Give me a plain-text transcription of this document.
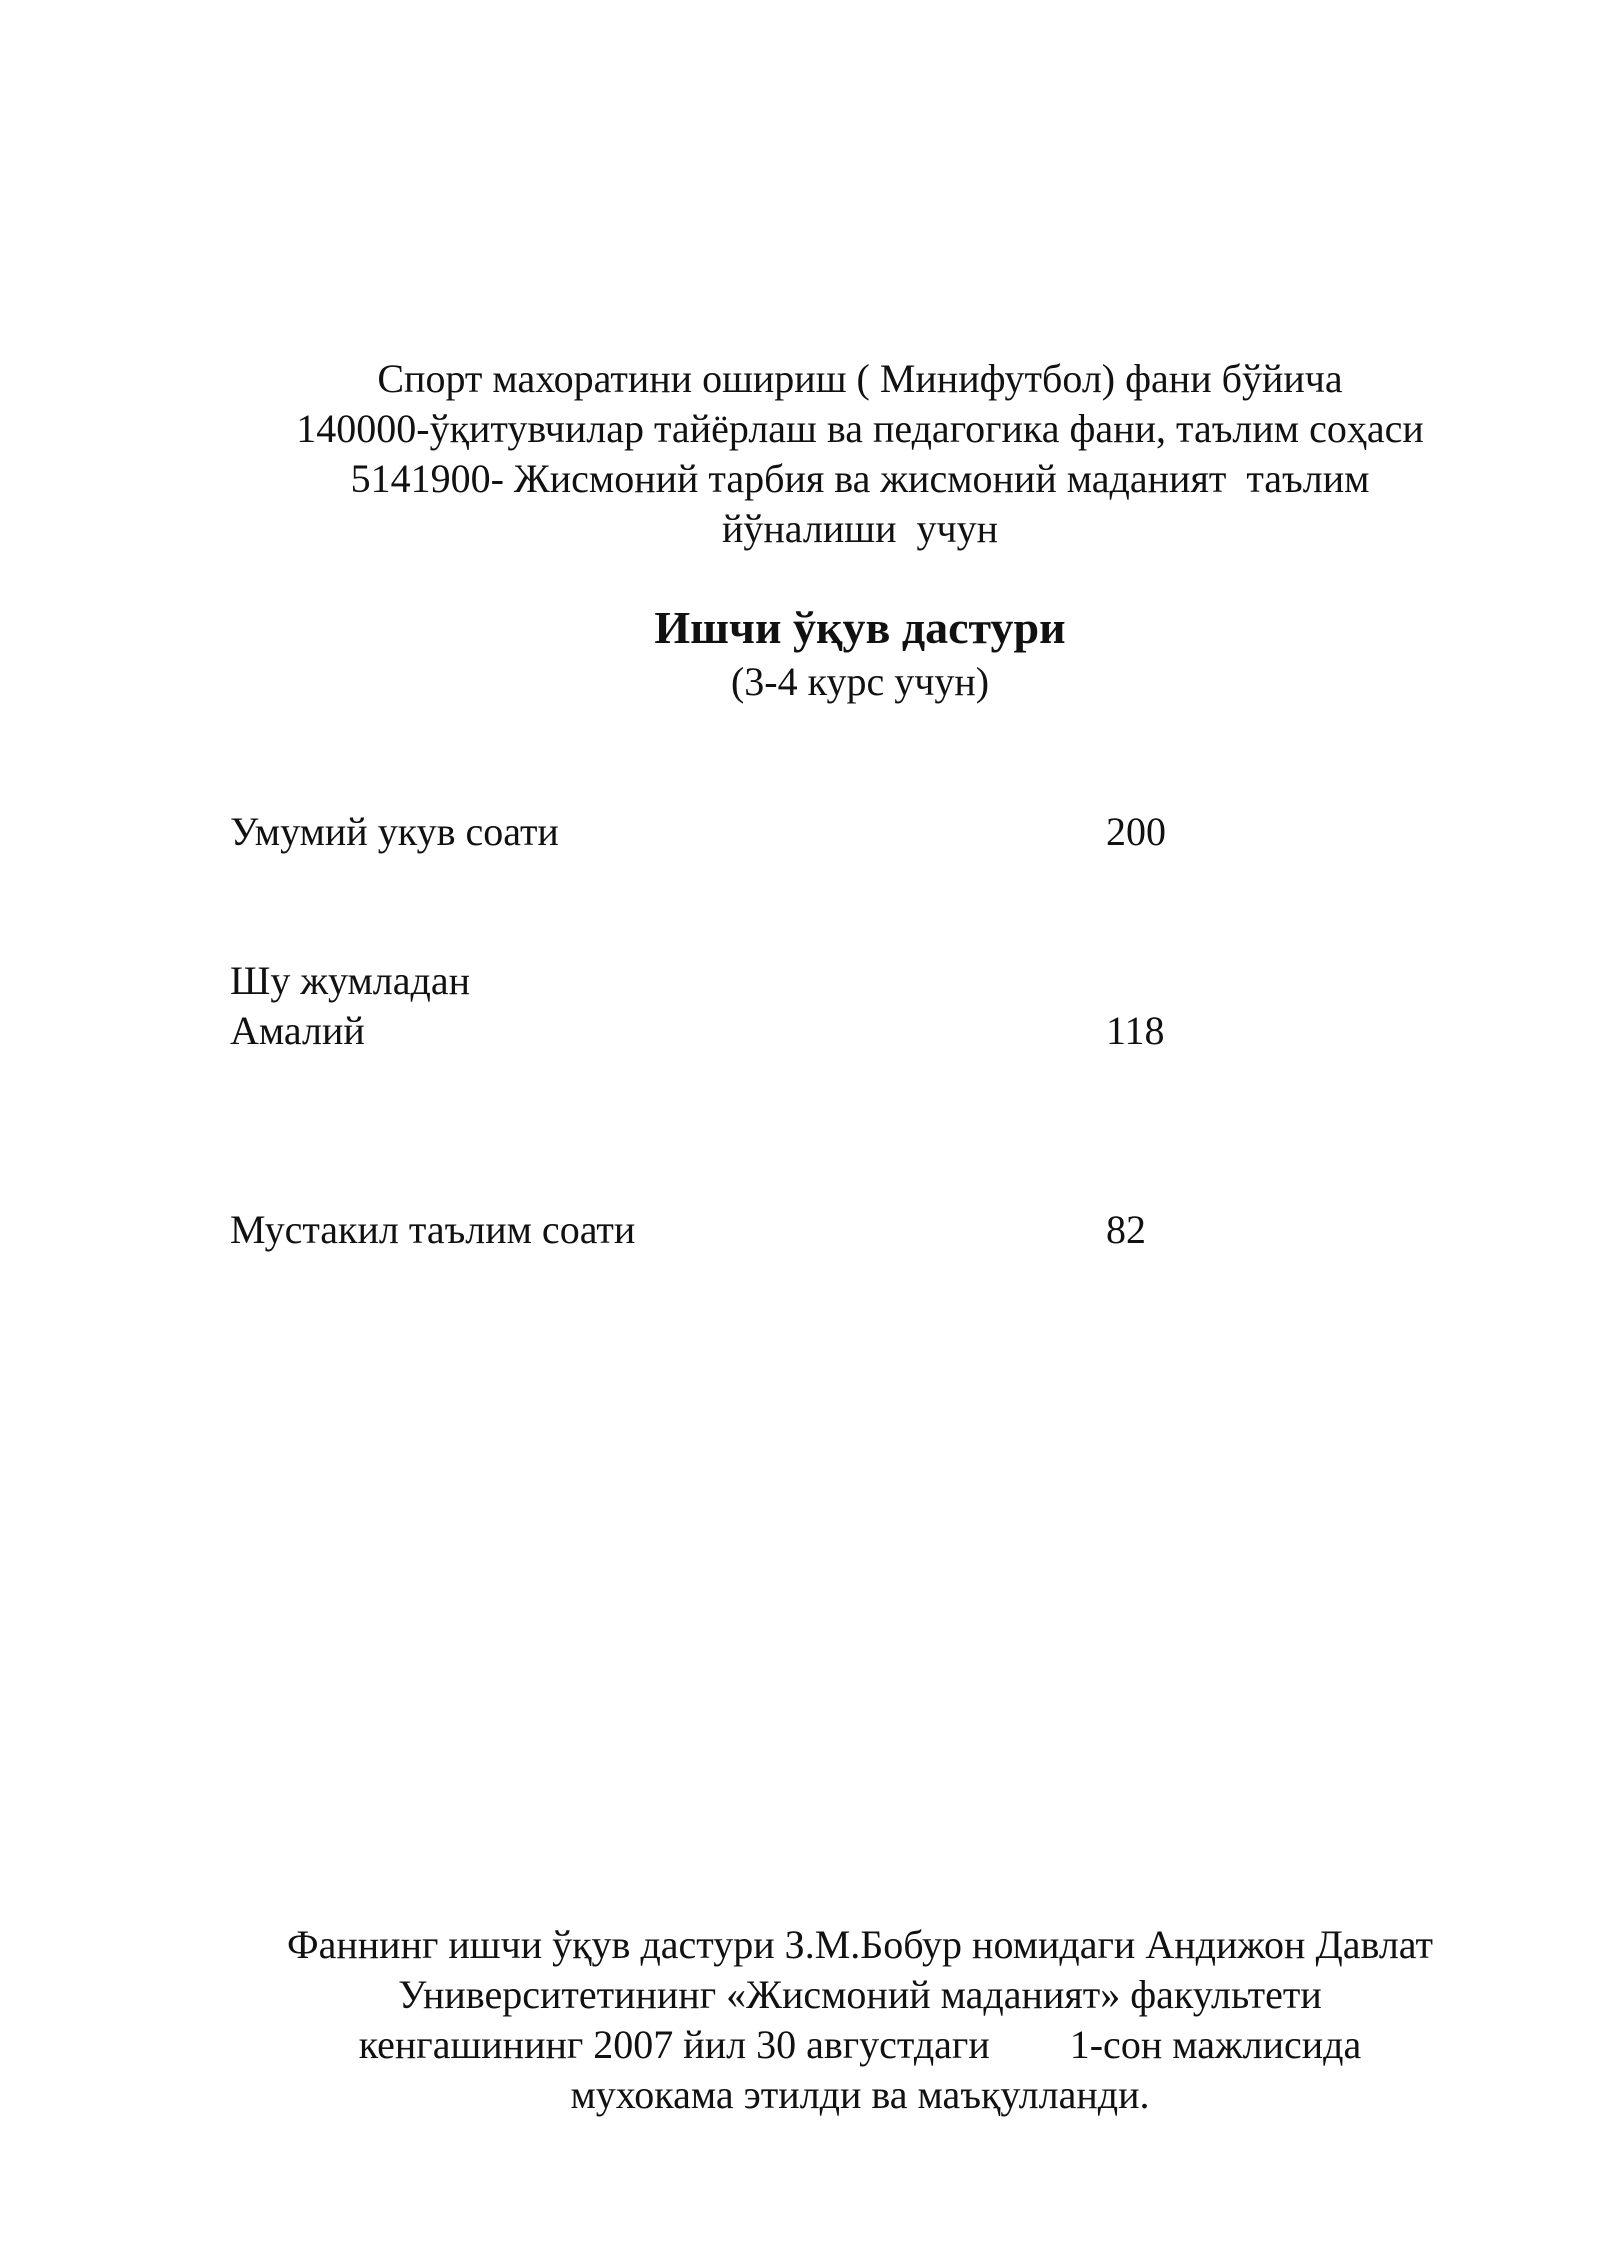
Спорт махоратини ошириш ( Минифутбол) фани бўйича
140000-ўқитувчилар тайёрлаш ва педагогика фани, таълим соҳаси
5141900- Жисмоний тарбия ва жисмоний маданият  таълим
йўналиши  учун
Ишчи ўқув дастури
(3-4 курс учун)
Умумий укув соати	200
Шу жумладан
Амалий	118
Мустакил таълим соати	82
Фаннинг ишчи ўқув дастури З.М.Бобур номидаги Андижон Давлат
Университетининг «Жисмоний маданият» факультети
кенгашининг 2007 йил 30 августдаги        1-сон мажлисида
мухокама этилди ва маъқулланди.
